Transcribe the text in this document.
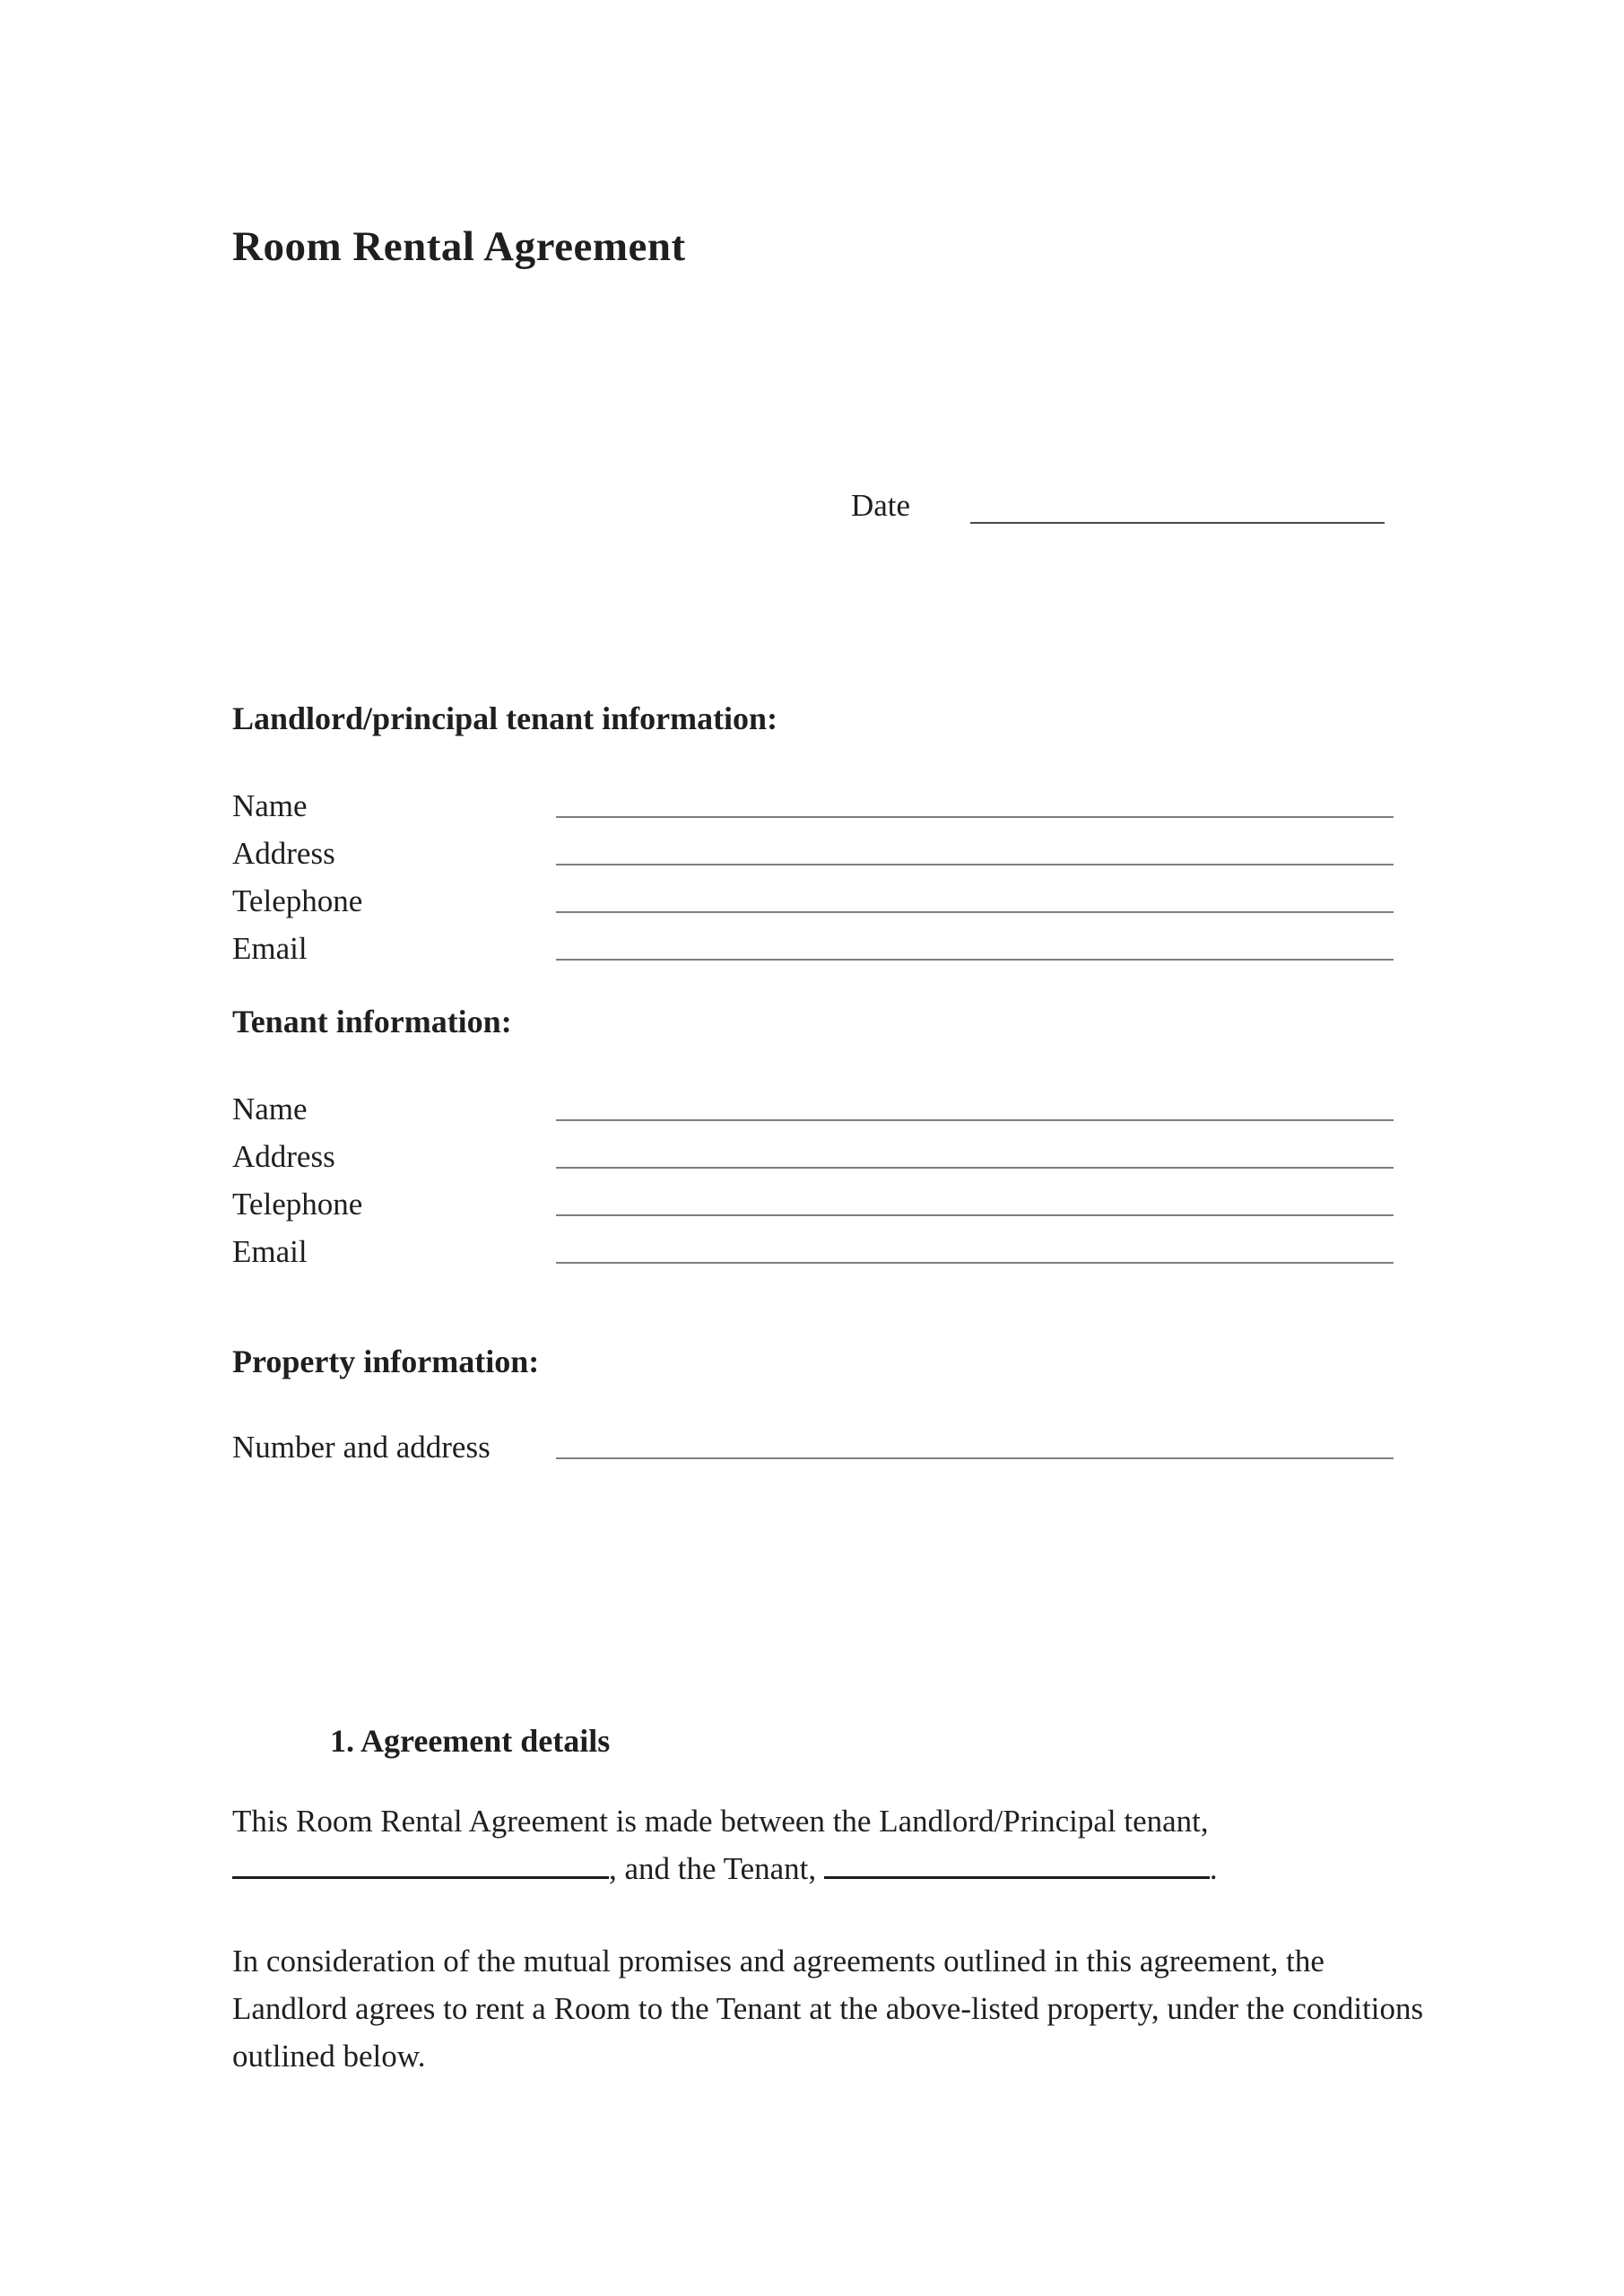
Room Rental Agreement
Date
Landlord/principal tenant information:
Name
Address
Telephone
Email
Tenant information:
Name
Address
Telephone
Email
Property information:
Number and address
1. Agreement details

This Room Rental Agreement is made between the Landlord/Principal tenant,
, and the Tenant,	.

In consideration of the mutual promises and agreements outlined in this agreement, the Landlord agrees to rent a Room to the Tenant at the above-listed property, under the conditions outlined below.
